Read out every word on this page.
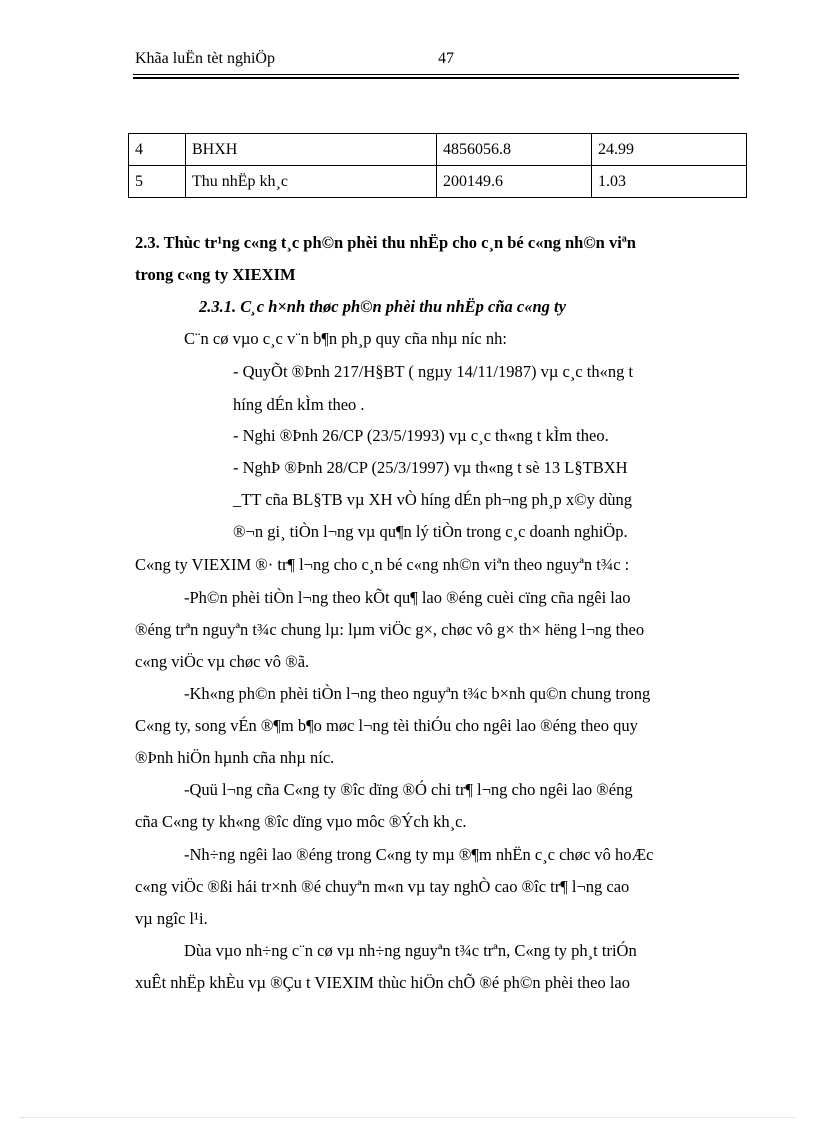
Khãa luËn tèt nghiÖp	47
4	BHXH	4856056.8	24.99
5	Thu nhËp kh¸c	200149.6	1.03
2.3. Thùc tr¹ng c«ng t¸c ph©n phèi thu nhËp cho c¸n bé c«ng nh©n viªn
trong c«ng ty XIEXIM
2.3.1. C¸c h×nh thøc ph©n phèi thu nhËp cña c«ng ty
C¨n cø vµo c¸c v¨n b¶n ph¸p quy cña nhµ níc nh:
- QuyÕt ®Þnh 217/H§BT ( ngµy 14/11/1987) vµ c¸c th«ng t
híng dÉn kÌm theo .
- Nghi ®Þnh 26/CP (23/5/1993) vµ c¸c th«ng t kÌm theo.
- NghÞ ®Þnh 28/CP (25/3/1997) vµ th«ng t sè 13 L§TBXH
_TT cña BL§TB vµ XH vÒ híng dÉn ph¬ng ph¸p x©y dùng
®¬n gi¸ tiÒn l¬ng vµ qu¶n lý tiÒn trong c¸c doanh nghiÖp.
C«ng ty VIEXIM ®· tr¶ l¬ng cho c¸n bé c«ng nh©n viªn theo nguyªn t¾c :
-Ph©n phèi tiÒn l¬ng theo kÕt qu¶ lao ®éng cuèi cïng cña ngêi lao
®éng trªn nguyªn t¾c chung lµ: lµm viÖc g×, chøc vô g× th× hëng l¬ng theo
c«ng viÖc vµ chøc vô ®ã.
-Kh«ng ph©n phèi tiÒn l¬ng theo nguyªn t¾c b×nh qu©n chung trong
C«ng ty, song vÉn ®¶m b¶o møc l¬ng tèi thiÓu cho ngêi lao ®éng theo quy
®Þnh hiÖn hµnh cña nhµ níc.
-Quü l¬ng cña C«ng ty ®îc dïng ®Ó chi tr¶ l¬ng cho ngêi lao ®éng
cña C«ng ty kh«ng ®îc dïng vµo môc ®Ých kh¸c.
-Nh÷ng ngêi lao ®éng trong C«ng ty mµ ®¶m nhËn c¸c chøc vô hoÆc
c«ng viÖc ®ßi hái tr×nh ®é chuyªn m«n vµ tay nghÒ cao ®îc tr¶ l¬ng cao
vµ ngîc l¹i.
Dùa vµo nh÷ng c¨n cø vµ nh÷ng nguyªn t¾c trªn, C«ng ty ph¸t triÓn
xuÊt nhËp khÈu vµ ®Çu t VIEXIM thùc hiÖn chÕ ®é ph©n phèi theo lao
